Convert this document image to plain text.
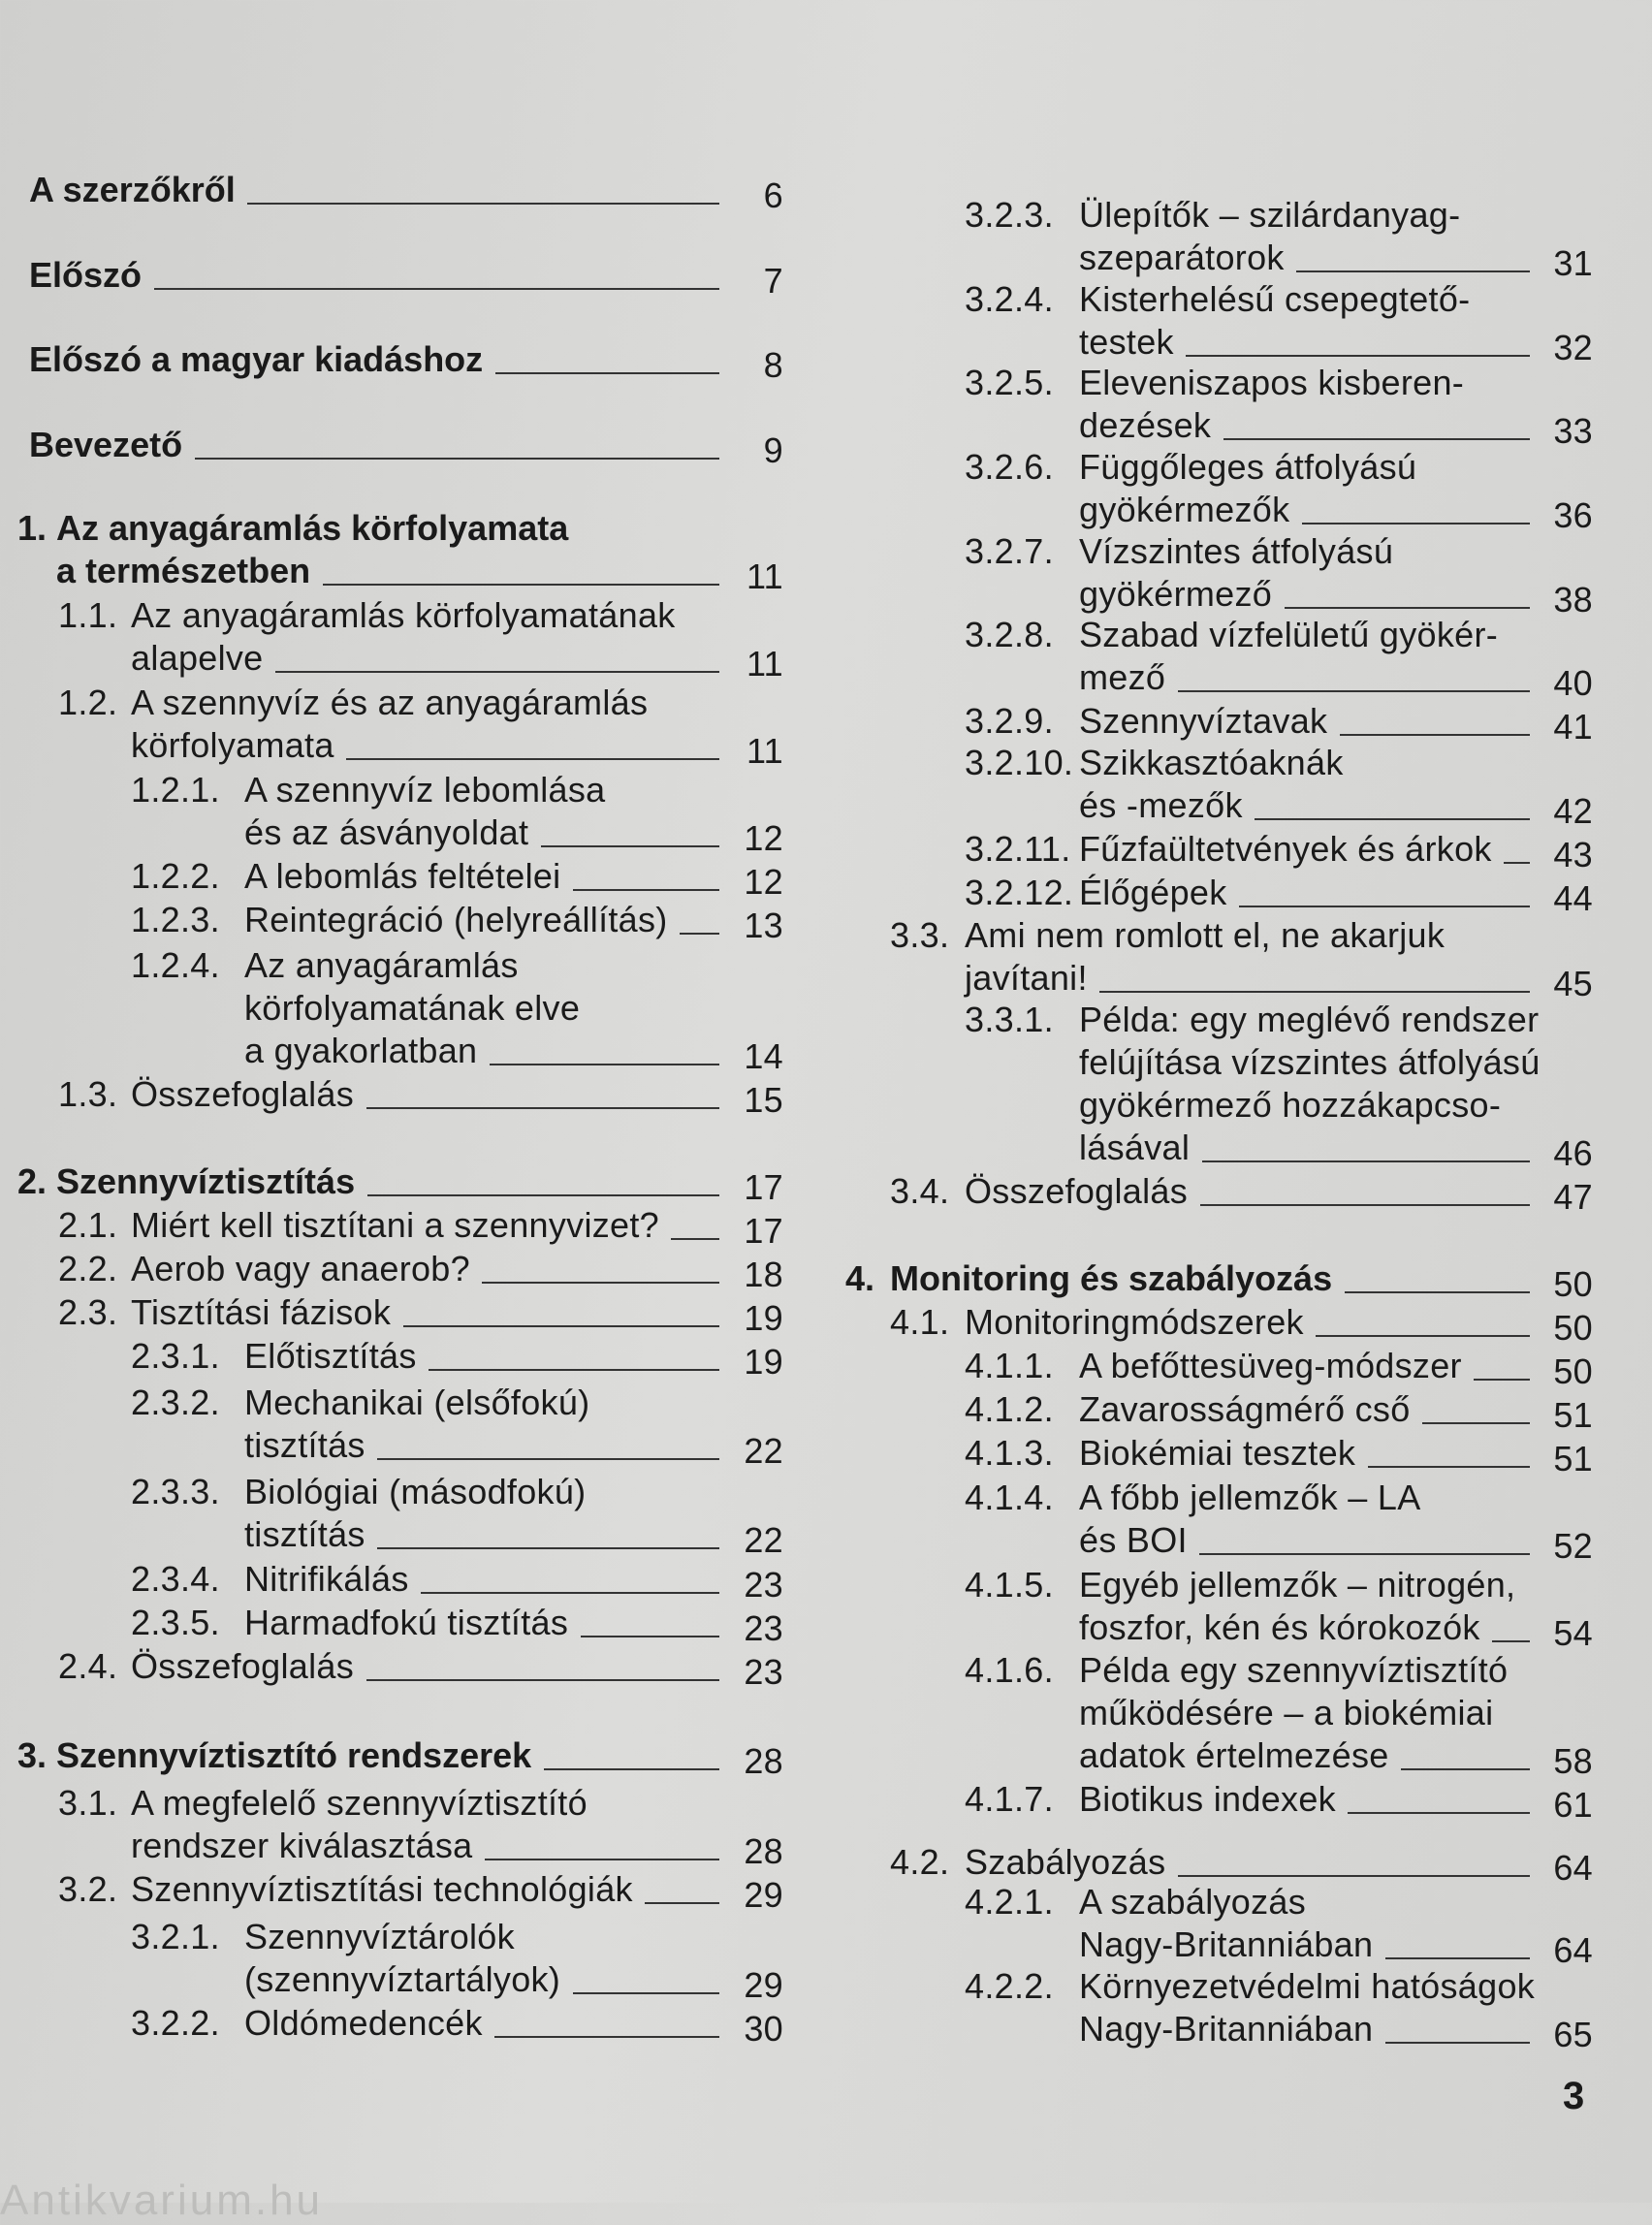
A szerzőkről	6
Előszó	7
Előszó a magyar kiadáshoz	8
Bevezető	9
1. Az anyagáramlás körfolyamata
a természetben	11
1.1. Az anyagáramlás körfolyamatának
alapelve	11
1.2. A szennyvíz és az anyagáramlás
körfolyamata	11
1.2.1. A szennyvíz lebomlása
és az ásványoldat	12
1.2.2. A lebomlás feltételei	12
1.2.3. Reintegráció (helyreállítás) 13
1.2.4. Az anyagáramlás
körfolyamatának elve
a gyakorlatban	14
1.3. Összefoglalás	15
2. Szennyvíztisztítás	17
2.1. Miért kell tisztítani a szennyvizet? 17
2.2. Aerob vagy anaerob?	18
2.3. Tisztítási fázisok	19
2.3.1. Előtisztítás	19
2.3.2. Mechanikai (elsőfokú)
tisztítás	22
2.3.3. Biológiai (másodfokú)
tisztítás	22
2.3.4. Nitrifikálás	23
2.3.5. Harmadfokú tisztítás	23
2.4. Összefoglalás	23
3. Szennyvíztisztító rendszerek	28
3.1. A megfelelő szennyvíztisztító
rendszer kiválasztása	28
3.2. Szennyvíztisztítási technológiák	29
3.2.1. Szennyvíztárolók
(szennyvíztartályok)	29
3.2.2. Oldómedencék	30
3.2.3. Ülepítők – szilárdanyag-
szeparátorok	31
3.2.4. Kisterhelésű csepegtető-
testek	32
3.2.5. Eleveniszapos kisberen-
dezések	33
3.2.6. Függőleges átfolyású
gyökérmezők	36
3.2.7. Vízszintes átfolyású
gyökérmező	38
3.2.8. Szabad vízfelületű gyökér-
mező	40
3.2.9. Szennyvíztavak	41
3.2.10. Szikkasztóaknák
és -mezők	42
3.2.11. Fűzfaültetvények és árkok 43
3.2.12. Élőgépek	44
3.3. Ami nem romlott el, ne akarjuk
javítani!	45
3.3.1. Példa: egy meglévő rendszer
felújítása vízszintes átfolyású
gyökérmező hozzákapcso-
lásával	46
3.4. Összefoglalás	47
4. Monitoring és szabályozás	50
4.1. Monitoringmódszerek	50
4.1.1. A befőttesüveg-módszer	50
4.1.2. Zavarosságmérő cső	51
4.1.3. Biokémiai tesztek	51
4.1.4. A főbb jellemzők – LA
és BOI	52
4.1.5. Egyéb jellemzők – nitrogén,
foszfor, kén és kórokozók 54
4.1.6. Példa egy szennyvíztisztító
működésére – a biokémiai
adatok értelmezése	58
4.1.7. Biotikus indexek	61
4.2. Szabályozás	64
4.2.1. A szabályozás
Nagy-Britanniában	64
4.2.2. Környezetvédelmi hatóságok
Nagy-Britanniában	65
3
Antikvarium.hu
